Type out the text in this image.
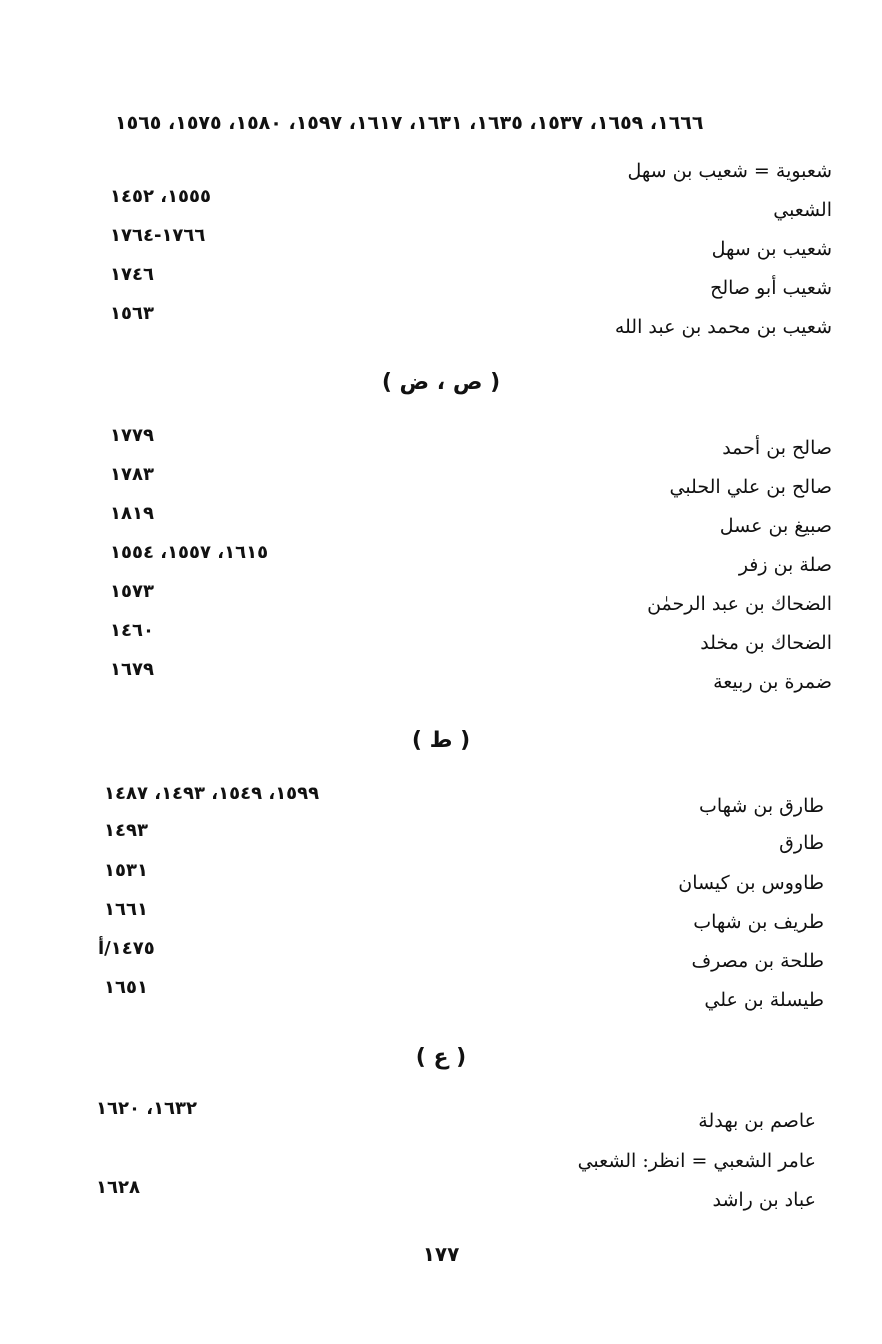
١٦٦٦، ١٦٥٩، ١٥٣٧، ١٦٣٥، ١٦٣١، ١٦١٧، ١٥٩٧، ١٥٨٠، ١٥٧٥، ١٥٦٥
شعبوية = شعيب بن سهل
١٥٥٥، ١٤٥٢
الشعبي
١٧٦٦-١٧٦٤
شعيب بن سهل
١٧٤٦
شعيب أبو صالح
١٥٦٣
شعيب بن محمد بن عبد الله
( ص ، ض )
١٧٧٩
صالح بن أحمد
١٧٨٣
صالح بن علي الحلبي
١٨١٩
صبيغ بن عسل
١٦١٥، ١٥٥٧، ١٥٥٤
صلة بن زفر
١٥٧٣
الضحاك بن عبد الرحمٰن
١٤٦٠
الضحاك بن مخلد
١٦٧٩
ضمرة بن ربيعة
( ط )
١٥٩٩، ١٥٤٩، ١٤٩٣، ١٤٨٧
طارق بن شهاب
١٤٩٣
طارق
١٥٣١
طاووس بن كيسان
١٦٦١
طريف بن شهاب
١٤٧٥/أ
طلحة بن مصرف
١٦٥١
طيسلة بن علي
( ع )
١٦٣٢، ١٦٢٠
عاصم بن بهدلة
عامر الشعبي = انظر: الشعبي
١٦٢٨
عباد بن راشد
١٧٧
